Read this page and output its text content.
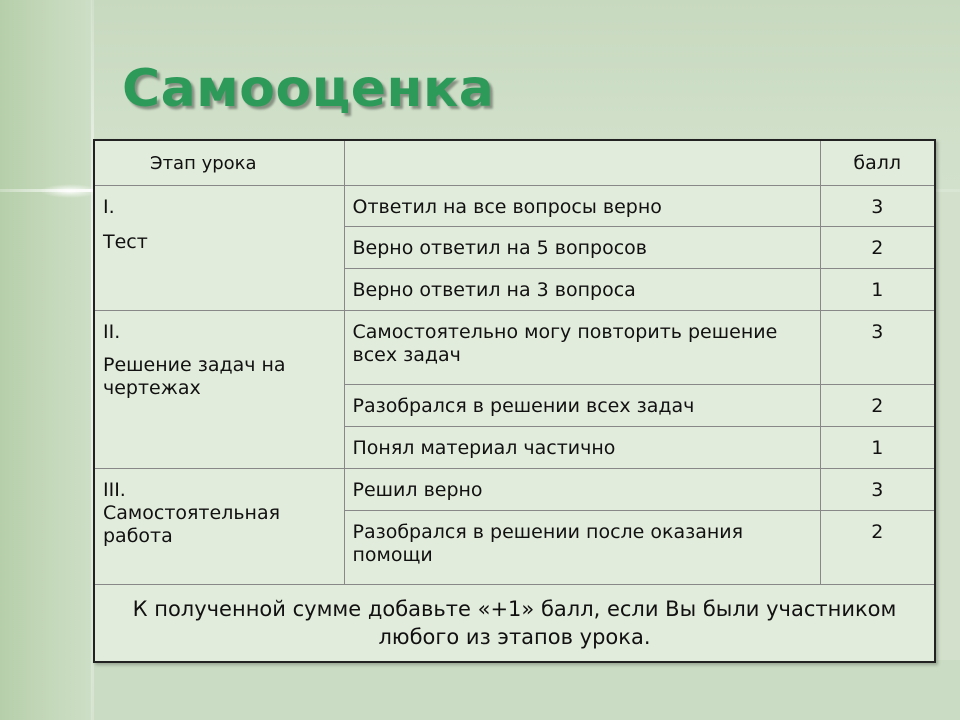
Самооценка
Этап урока		балл

I.
Тест	Ответил на все вопросы верно	3
	Верно ответил на 5 вопросов	2
	Верно ответил на 3 вопроса	1

II.
Решение задач на чертежах	Самостоятельно могу повторить решение всех задач	3
	Разобрался в решении всех задач	2
	Понял материал частично	1

III.
Самостоятельная работа	Решил верно	3
	Разобрался в решении после оказания помощи	2
К полученной сумме добавьте «+1» балл, если Вы были участником любого из этапов урока.		
